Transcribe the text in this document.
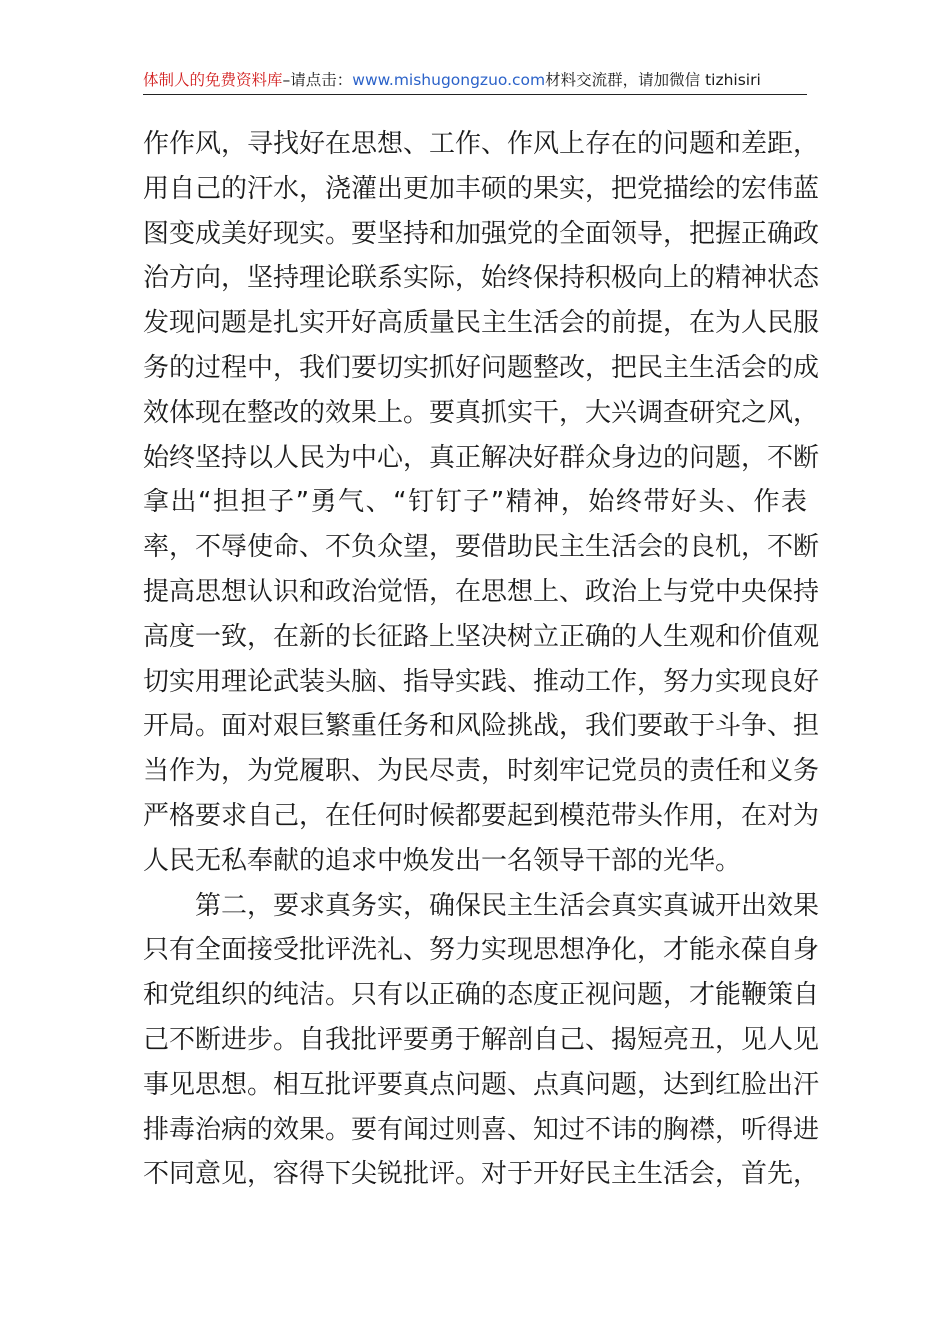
体制人的免费资料库–请点击：www.mishugongzuo.com材料交流群，请加微信 tizhisiri
作作风，寻找好在思想、工作、作风上存在的问题和差距，
用自己的汗水，浇灌出更加丰硕的果实，把党描绘的宏伟蓝
图变成美好现实。要坚持和加强党的全面领导，把握正确政
治方向，坚持理论联系实际，始终保持积极向上的精神状态
发现问题是扎实开好高质量民主生活会的前提，在为人民服
务的过程中，我们要切实抓好问题整改，把民主生活会的成
效体现在整改的效果上。要真抓实干，大兴调查研究之风，
始终坚持以人民为中心，真正解决好群众身边的问题，不断
拿出“担担子”勇气、“钉钉子”精神，始终带好头、作表
率，不辱使命、不负众望，要借助民主生活会的良机，不断
提高思想认识和政治觉悟，在思想上、政治上与党中央保持
高度一致，在新的长征路上坚决树立正确的人生观和价值观
切实用理论武装头脑、指导实践、推动工作，努力实现良好
开局。面对艰巨繁重任务和风险挑战，我们要敢于斗争、担
当作为，为党履职、为民尽责，时刻牢记党员的责任和义务
严格要求自己，在任何时候都要起到模范带头作用，在对为
人民无私奉献的追求中焕发出一名领导干部的光华。
第二，要求真务实，确保民主生活会真实真诚开出效果
只有全面接受批评洗礼、努力实现思想净化，才能永葆自身
和党组织的纯洁。只有以正确的态度正视问题，才能鞭策自
己不断进步。自我批评要勇于解剖自己、揭短亮丑，见人见
事见思想。相互批评要真点问题、点真问题，达到红脸出汗
排毒治病的效果。要有闻过则喜、知过不讳的胸襟，听得进
不同意见，容得下尖锐批评。对于开好民主生活会，首先，
